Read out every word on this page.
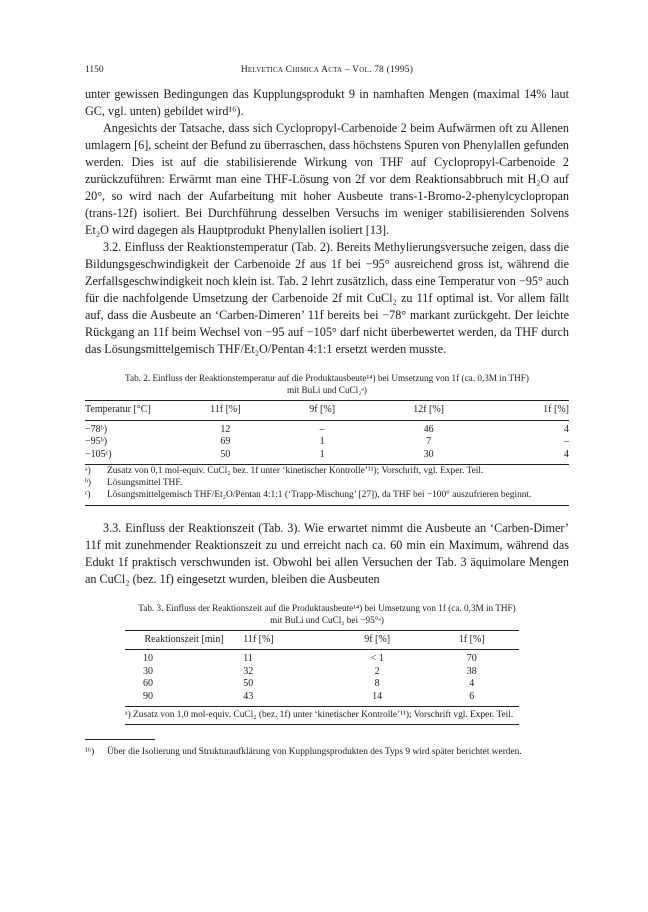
1150	Helvetica Chimica Acta – Vol. 78 (1995)

unter gewissen Bedingungen das Kupplungsprodukt 9 in namhaften Mengen (maximal 14% laut GC, vgl. unten) gebildet wird¹⁶).

Angesichts der Tatsache, dass sich Cyclopropyl-Carbenoide 2 beim Aufwärmen oft zu Allenen umlagern [6], scheint der Befund zu überraschen, dass höchstens Spuren von Phenylallen gefunden werden. Dies ist auf die stabilisierende Wirkung von THF auf Cyclopropyl-Carbenoide 2 zurückzuführen: Erwärmt man eine THF-Lösung von 2f vor dem Reaktionsabbruch mit H₂O auf 20°, so wird nach der Aufarbeitung mit hoher Ausbeute trans-1-Bromo-2-phenylcyclopropan (trans-12f) isoliert. Bei Durchführung desselben Versuchs im weniger stabilisierenden Solvens Et₂O wird dagegen als Hauptprodukt Phenylallen isoliert [13].

3.2. Einfluss der Reaktionstemperatur (Tab. 2). Bereits Methylierungsversuche zeigen, dass die Bildungsgeschwindigkeit der Carbenoide 2f aus 1f bei −95° ausreichend gross ist, während die Zerfallsgeschwindigkeit noch klein ist. Tab. 2 lehrt zusätzlich, dass eine Temperatur von −95° auch für die nachfolgende Umsetzung der Carbenoide 2f mit CuCl₂ zu 11f optimal ist. Vor allem fällt auf, dass die Ausbeute an ‘Carben-Dimeren’ 11f bereits bei −78° markant zurückgeht. Der leichte Rückgang an 11f beim Wechsel von −95 auf −105° darf nicht überbewertet werden, da THF durch das Lösungsmittelgemisch THF/Et₂O/Pentan 4:1:1 ersetzt werden musste.

Tab. 2. Einfluss der Reaktionstemperatur auf die Produktausbeute¹⁴) bei Umsetzung von 1f (ca. 0,3M in THF)
mit BuLi und CuCl₂ᵃ)
Temperatur [°C]	11f [%]	9f [%]	12f [%]	1f [%]
−78ᵇ)	12	–	46	4
−95ᵇ)	69	1	7	–
−105ᶜ)	50	1	30	4
ᵃ)	Zusatz von 0,1 mol-equiv. CuCl₂ bez. 1f unter ‘kinetischer Kontrolle’¹¹); Vorschrift, vgl. Exper. Teil.
ᵇ)	Lösungsmittel THF.
ᶜ)	Lösungsmittelgemisch THF/Et₂O/Pentan 4:1:1 (‘Trapp-Mischung’ [27]), da THF bei −100° auszufrieren beginnt.

3.3. Einfluss der Reaktionszeit (Tab. 3). Wie erwartet nimmt die Ausbeute an ‘Carben-Dimer’ 11f mit zunehmender Reaktionszeit zu und erreicht nach ca. 60 min ein Maximum, während das Edukt 1f praktisch verschwunden ist. Obwohl bei allen Versuchen der Tab. 3 äquimolare Mengen an CuCl₂ (bez. 1f) eingesetzt wurden, bleiben die Ausbeuten

Tab. 3. Einfluss der Reaktionszeit auf die Produktausbeute¹⁴) bei Umsetzung von 1f (ca. 0,3M in THF)
mit BuLi und CuCl₂ bei −95°ᵃ)
Reaktionszeit [min]	11f [%]	9f [%]	1f [%]
10	11	< 1	70
30	32	2	38
60	50	8	4
90	43	14	6
ᵃ) Zusatz von 1,0 mol-equiv. CuCl₂ (bez. 1f) unter ‘kinetischer Kontrolle’¹¹); Vorschrift vgl. Exper. Teil.
¹⁶)	Über die Isolierung und Strukturaufklärung von Kupplungsprodukten des Typs 9 wird später berichtet werden.
